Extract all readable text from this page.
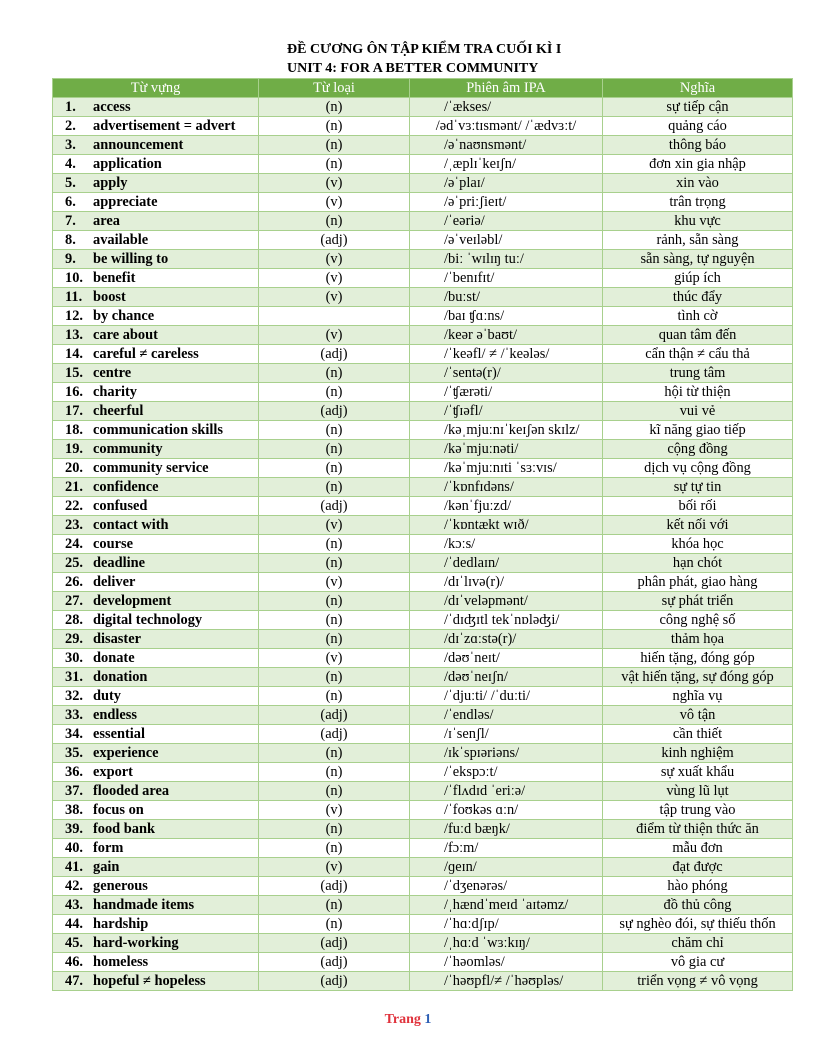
ĐỀ CƯƠNG ÔN TẬP KIỂM TRA CUỐI KÌ I
UNIT 4: FOR A BETTER COMMUNITY
Từ vựng	Từ loại	Phiên âm IPA	Nghĩa
1. access	(n)	/ˈækses/	sự tiếp cận
2. advertisement = advert	(n)	/ədˈvɜːtɪsmənt/ /ˈædvɜːt/	quảng cáo
3. announcement	(n)	/əˈnaʊnsmənt/	thông báo
4. application	(n)	/ˌæplɪˈkeɪʃn/	đơn xin gia nhập
5. apply	(v)	/əˈplaɪ/	xin vào
6. appreciate	(v)	/əˈpriːʃieɪt/	trân trọng
7. area	(n)	/ˈeəriə/	khu vực
8. available	(adj)	/əˈveɪləbl/	rảnh, sẵn sàng
9. be willing to	(v)	/biː ˈwɪlɪŋ tuː/	sẵn sàng, tự nguyện
10. benefit	(v)	/ˈbenɪfɪt/	giúp ích
11. boost	(v)	/buːst/	thúc đẩy
12. by chance		/baɪ ʧɑːns/	tình cờ
13. care about	(v)	/keər əˈbaʊt/	quan tâm đến
14. careful ≠ careless	(adj)	/ˈkeəfl/ ≠ /ˈkeələs/	cẩn thận ≠ cẩu thả
15. centre	(n)	/ˈsentə(r)/	trung tâm
16. charity	(n)	/ˈʧærəti/	hội từ thiện
17. cheerful	(adj)	/ˈʧɪəfl/	vui vẻ
18. communication skills	(n)	/kəˌmjuːnɪˈkeɪʃən skɪlz/	kĩ năng giao tiếp
19. community	(n)	/kəˈmjuːnəti/	cộng đồng
20. community service	(n)	/kəˈmjuːnɪti ˈsɜːvɪs/	dịch vụ cộng đồng
21. confidence	(n)	/ˈkɒnfɪdəns/	sự tự tin
22. confused	(adj)	/kənˈfjuːzd/	bối rối
23. contact with	(v)	/ˈkɒntækt wɪð/	kết nối với
24. course	(n)	/kɔːs/	khóa học
25. deadline	(n)	/ˈdedlaɪn/	hạn chót
26. deliver	(v)	/dɪˈlɪvə(r)/	phân phát, giao hàng
27. development	(n)	/dɪˈveləpmənt/	sự phát triển
28. digital technology	(n)	/ˈdɪʤɪtl tekˈnɒləʤi/	công nghệ số
29. disaster	(n)	/dɪˈzɑːstə(r)/	thảm họa
30. donate	(v)	/dəʊˈneɪt/	hiến tặng, đóng góp
31. donation	(n)	/dəʊˈneɪʃn/	vật hiến tặng, sự đóng góp
32. duty	(n)	/ˈdjuːti/ /ˈduːti/	nghĩa vụ
33. endless	(adj)	/ˈendləs/	vô tận
34. essential	(adj)	/ɪˈsenʃl/	cần thiết
35. experience	(n)	/ɪkˈspɪəriəns/	kinh nghiệm
36. export	(n)	/ˈekspɔːt/	sự xuất khẩu
37. flooded area	(n)	/ˈflʌdɪd ˈeriːə/	vùng lũ lụt
38. focus on	(v)	/ˈfoʊkəs ɑːn/	tập trung vào
39. food bank	(n)	/fuːd bæŋk/	điểm từ thiện thức ăn
40. form	(n)	/fɔːm/	mẫu đơn
41. gain	(v)	/ɡeɪn/	đạt được
42. generous	(adj)	/ˈdʒenərəs/	hào phóng
43. handmade items	(n)	/ˌhændˈmeɪd ˈaɪtəmz/	đồ thủ công
44. hardship	(n)	/ˈhɑːdʃɪp/	sự nghèo đói, sự thiếu thốn
45. hard-working	(adj)	/ˌhɑːd ˈwɜːkɪŋ/	chăm chỉ
46. homeless	(adj)	/ˈhəomləs/	vô gia cư
47. hopeful ≠ hopeless	(adj)	/ˈhəʊpfl/≠ /ˈhəʊpləs/	triển vọng ≠ vô vọng
Trang 1
